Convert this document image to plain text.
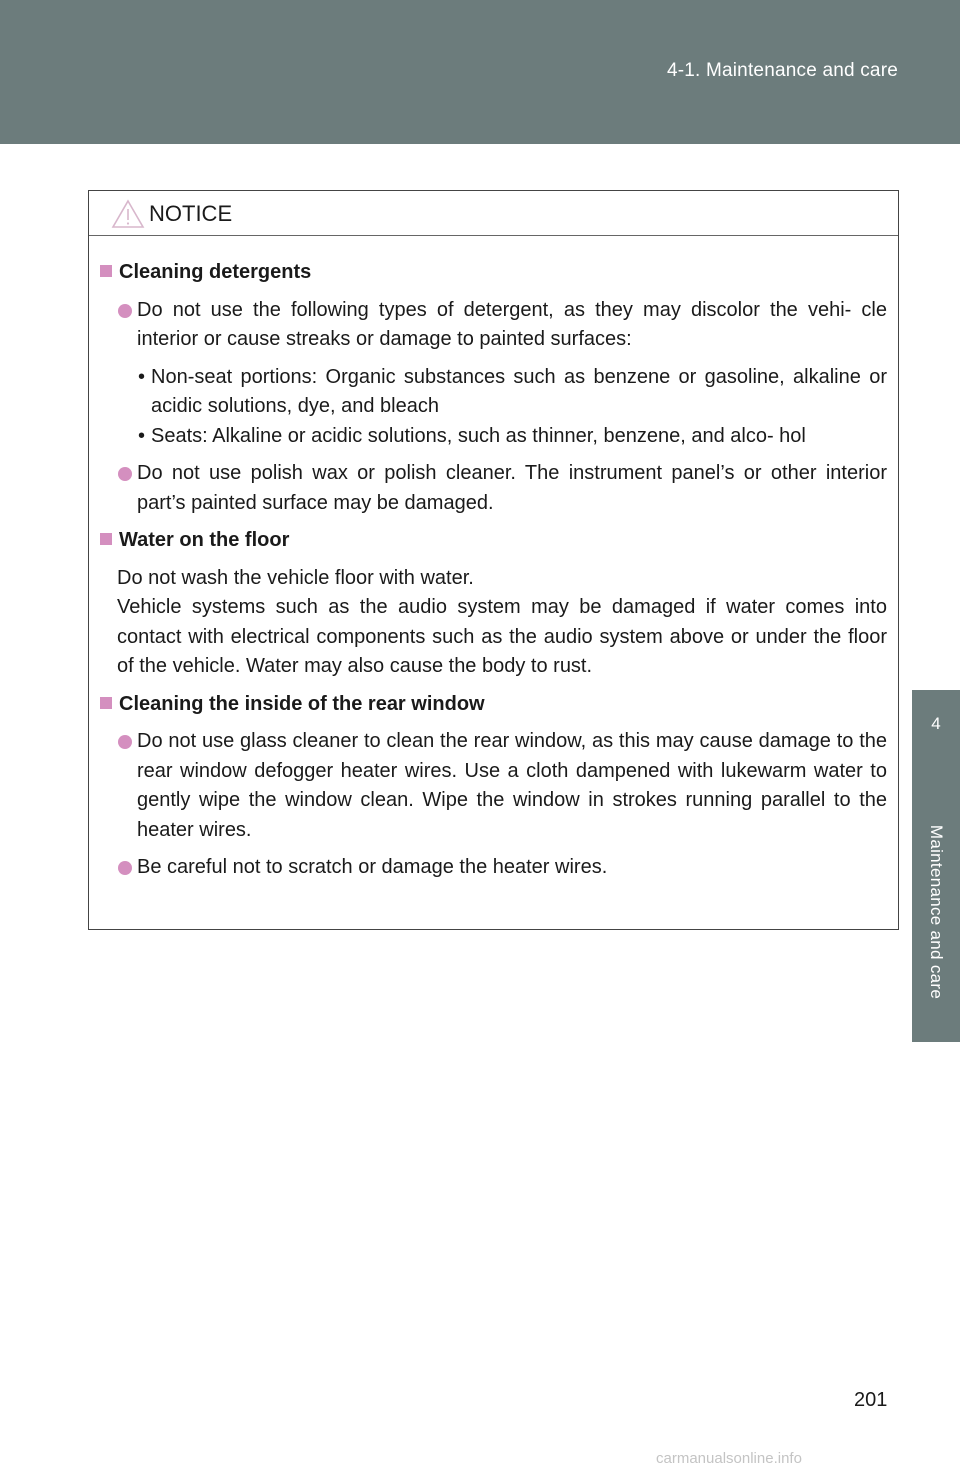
4-1. Maintenance and care
4
Maintenance and care
NOTICE
Cleaning detergents
Do not use the following types of detergent, as they may discolor the vehi- cle interior or cause streaks or damage to painted surfaces:
• Non-seat portions: Organic substances such as benzene or gasoline, alkaline or acidic solutions, dye, and bleach
• Seats: Alkaline or acidic solutions, such as thinner, benzene, and alco- hol
Do not use polish wax or polish cleaner. The instrument panel’s or other interior part’s painted surface may be damaged.
Water on the floor
Do not wash the vehicle floor with water.
Vehicle systems such as the audio system may be damaged if water comes into contact with electrical components such as the audio system above or under the floor of the vehicle. Water may also cause the body to rust.
Cleaning the inside of the rear window
Do not use glass cleaner to clean the rear window, as this may cause damage to the rear window defogger heater wires. Use a cloth dampened with lukewarm water to gently wipe the window clean. Wipe the window in strokes running parallel to the heater wires.
Be careful not to scratch or damage the heater wires.
201
carmanualsonline.info
